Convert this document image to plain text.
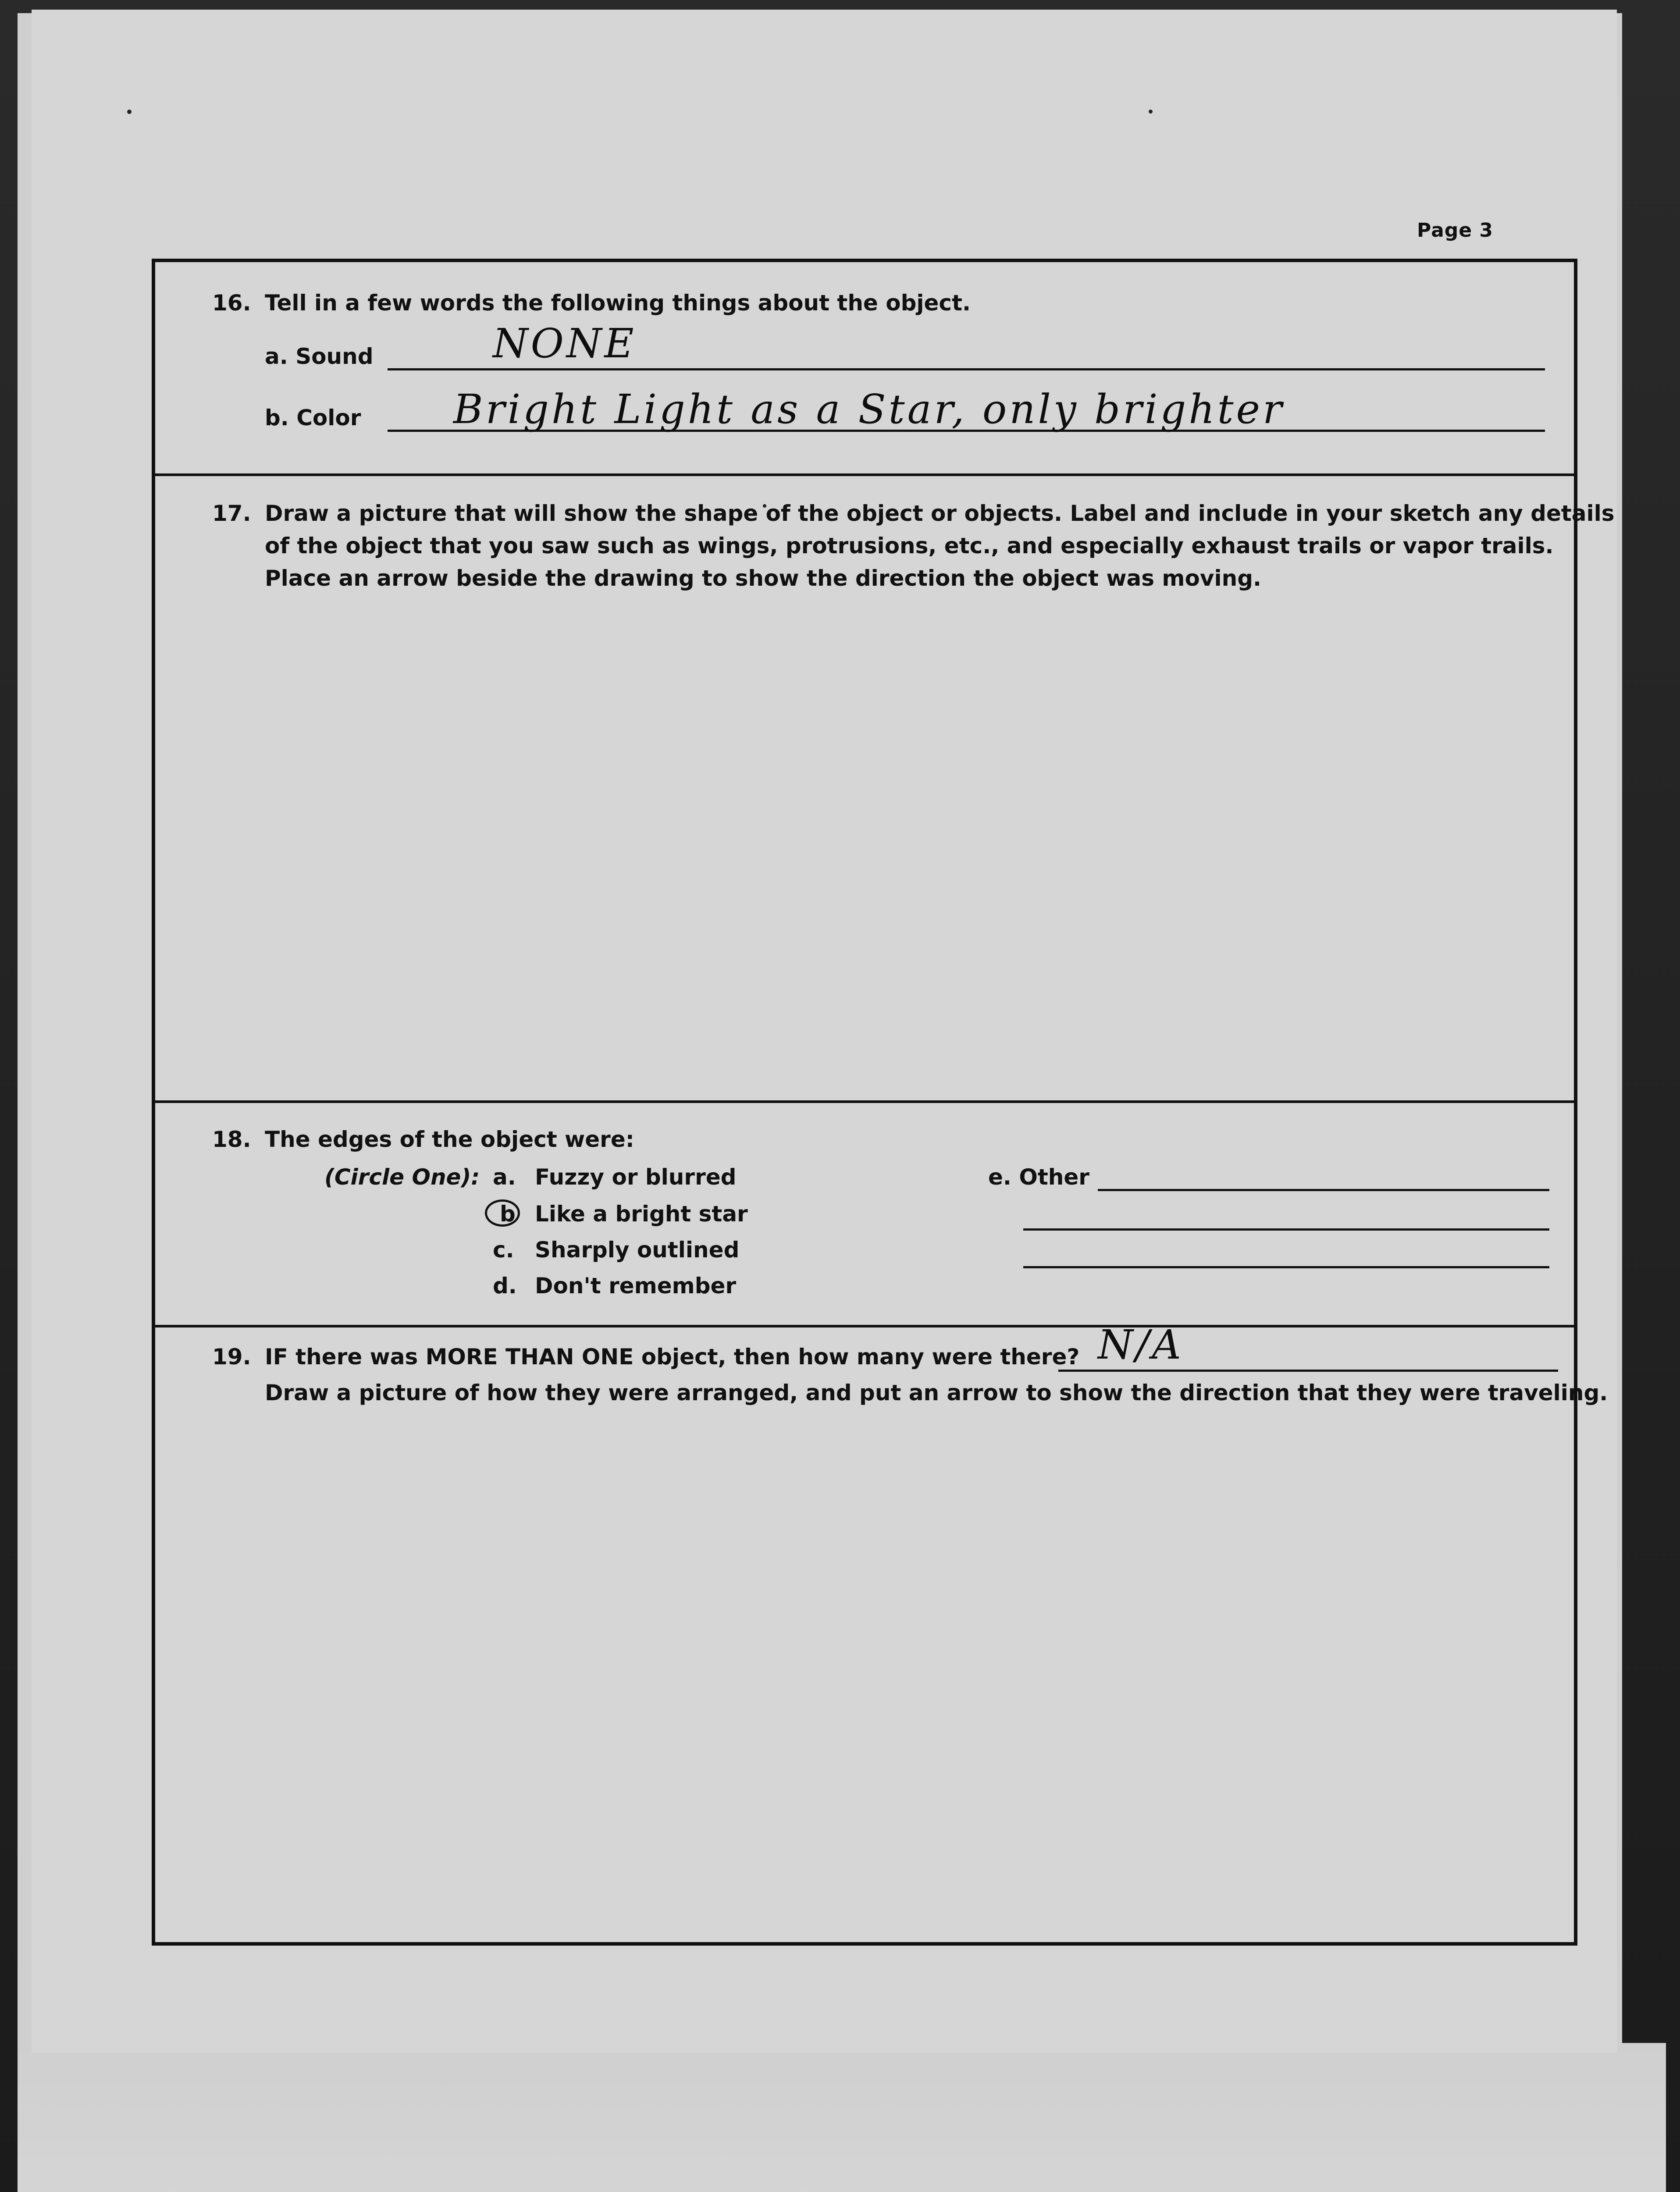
Page 3
16. Tell in a few words the following things about the object.
a. Sound	NONE
b. Color Bright Light as a Star, only brighter
17. Draw a picture that will show the shape of the object or objects. Label and include in your sketch any details
of the object that you saw such as wings, protrusions, etc., and especially exhaust trails or vapor trails.
Place an arrow beside the drawing to show the direction the object was moving.
18. The edges of the object were:
(Circle One): a. Fuzzy or blurred
b Like a bright star
c. Sharply outlined
d. Don't remember
e. Other
19. IF there was MORE THAN ONE object, then how many were there? N/A
Draw a picture of how they were arranged, and put an arrow to show the direction that they were traveling.
